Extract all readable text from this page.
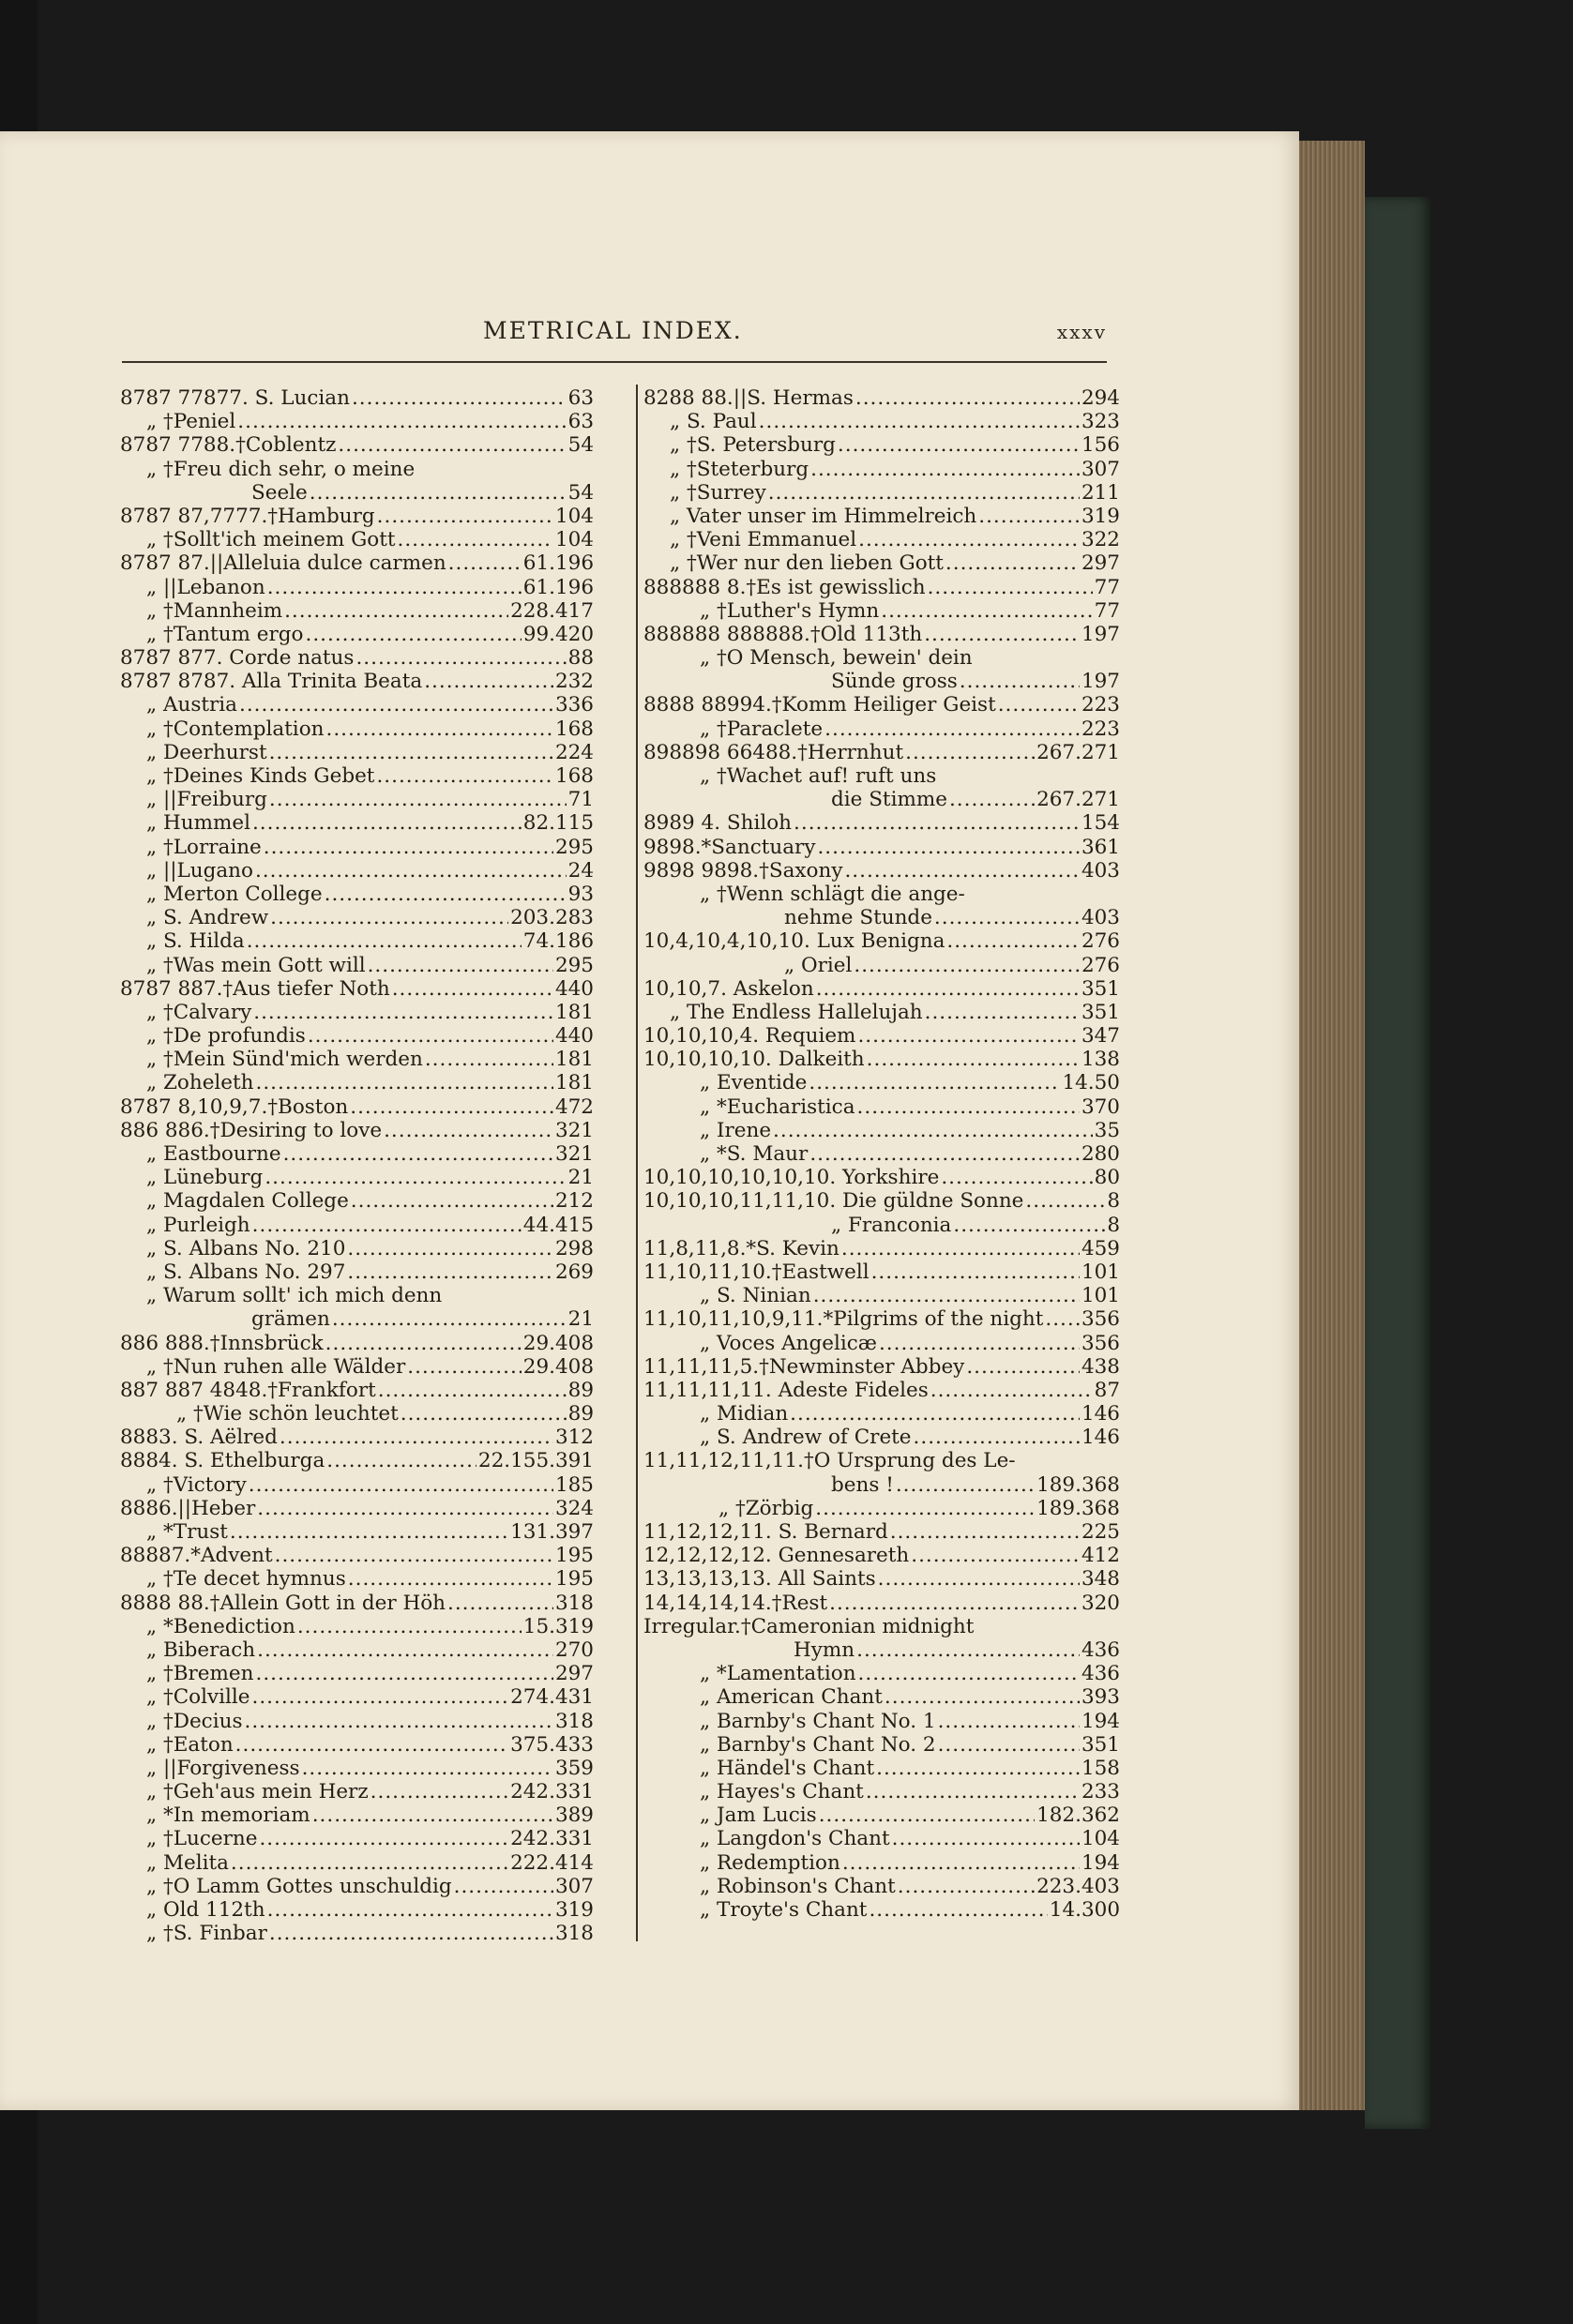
METRICAL INDEX.	xxxv
8787 77877. S. Lucian .....	63
„ †Peniel .....	63
8787 7788.†Coblentz .....	54
„ †Freu dich sehr, o meine
Seele .....	54
8787 87,7777.†Hamburg .....	104
„ †Sollt'ich meinem Gott .....	104
8787 87.||Alleluia dulce carmen .....	61.196
„ ||Lebanon .....	61.196
„ †Mannheim .....	228.417
„ †Tantum ergo .....	99.420
8787 877. Corde natus .....	88
8787 8787. Alla Trinita Beata .....	232
„ Austria .....	336
„ †Contemplation .....	168
„ Deerhurst .....	224
„ †Deines Kinds Gebet .....	168
„ ||Freiburg .....	71
„ Hummel .....	82.115
„ †Lorraine .....	295
„ ||Lugano .....	24
„ Merton College .....	93
„ S. Andrew .....	203.283
„ S. Hilda .....	74.186
„ †Was mein Gott will .....	295
8787 887.†Aus tiefer Noth .....	440
„ †Calvary .....	181
„ †De profundis .....	440
„ †Mein Sünd'mich werden .....	181
„ Zoheleth .....	181
8787 8,10,9,7.†Boston .....	472
886 886.†Desiring to love .....	321
„ Eastbourne .....	321
„ Lüneburg .....	21
„ Magdalen College .....	212
„ Purleigh .....	44.415
„ S. Albans No. 210 .....	298
„ S. Albans No. 297 .....	269
„ Warum sollt' ich mich denn
grämen .....	21
886 888.†Innsbrück .....	29.408
„ †Nun ruhen alle Wälder .....	29.408
887 887 4848.†Frankfort .....	89
„ †Wie schön leuchtet .....	89
8883. S. Aëlred .....	312
8884. S. Ethelburga .....	22.155.391
„ †Victory .....	185
8886.||Heber .....	324
„ *Trust .....	131.397
88887.*Advent .....	195
„ †Te decet hymnus .....	195
8888 88.†Allein Gott in der Höh .....	318
„ *Benediction .....	15.319
„ Biberach .....	270
„ †Bremen .....	297
„ †Colville .....	274.431
„ †Decius .....	318
„ †Eaton .....	375.433
„ ||Forgiveness .....	359
„ †Geh'aus mein Herz .....	242.331
„ *In memoriam .....	389
„ †Lucerne .....	242.331
„ Melita .....	222.414
„ †O Lamm Gottes unschuldig .....	307
„ Old 112th .....	319
„ †S. Finbar .....	318
8288 88.||S. Hermas .....	294
„ S. Paul .....	323
„ †S. Petersburg .....	156
„ †Steterburg .....	307
„ †Surrey .....	211
„ Vater unser im Himmelreich .....	319
„ †Veni Emmanuel .....	322
„ †Wer nur den lieben Gott .....	297
888888 8.†Es ist gewisslich .....	77
„ †Luther's Hymn .....	77
888888 888888.†Old 113th .....	197
„ †O Mensch, bewein' dein
Sünde gross .....	197
8888 88994.†Komm Heiliger Geist .....	223
„ †Paraclete .....	223
898898 66488.†Herrnhut .....	267.271
„ †Wachet auf! ruft uns
die Stimme .....	267.271
8989 4. Shiloh .....	154
9898.*Sanctuary .....	361
9898 9898.†Saxony .....	403
„ †Wenn schlägt die ange-
nehme Stunde .....	403
10,4,10,4,10,10. Lux Benigna .....	276
„ Oriel .....	276
10,10,7. Askelon .....	351
„ The Endless Hallelujah .....	351
10,10,10,4. Requiem .....	347
10,10,10,10. Dalkeith .....	138
„ Eventide .....	14.50
„ *Eucharistica .....	370
„ Irene .....	35
„ *S. Maur .....	280
10,10,10,10,10,10. Yorkshire .....	80
10,10,10,11,11,10. Die güldne Sonne .....	8
„ Franconia .....	8
11,8,11,8.*S. Kevin .....	459
11,10,11,10.†Eastwell .....	101
„ S. Ninian .....	101
11,10,11,10,9,11.*Pilgrims of the night ..... 356
„ Voces Angelicæ .....	356
11,11,11,5.†Newminster Abbey .....	438
11,11,11,11. Adeste Fideles .....	87
„ Midian .....	146
„ S. Andrew of Crete .....	146
11,11,12,11,11.†O Ursprung des Le-
bens ! .....	189.368
„ †Zörbig .....	189.368
11,12,12,11. S. Bernard .....	225
12,12,12,12. Gennesareth .....	412
13,13,13,13. All Saints .....	348
14,14,14,14.†Rest .....	320
Irregular.†Cameronian midnight
Hymn .....	436
„ *Lamentation .....	436
„ American Chant .....	393
„ Barnby's Chant No. 1 .....	194
„ Barnby's Chant No. 2 .....	351
„ Händel's Chant .....	158
„ Hayes's Chant .....	233
„ Jam Lucis .....	182.362
„ Langdon's Chant .....	104
„ Redemption .....	194
„ Robinson's Chant .....	223.403
„ Troyte's Chant .....	14.300
